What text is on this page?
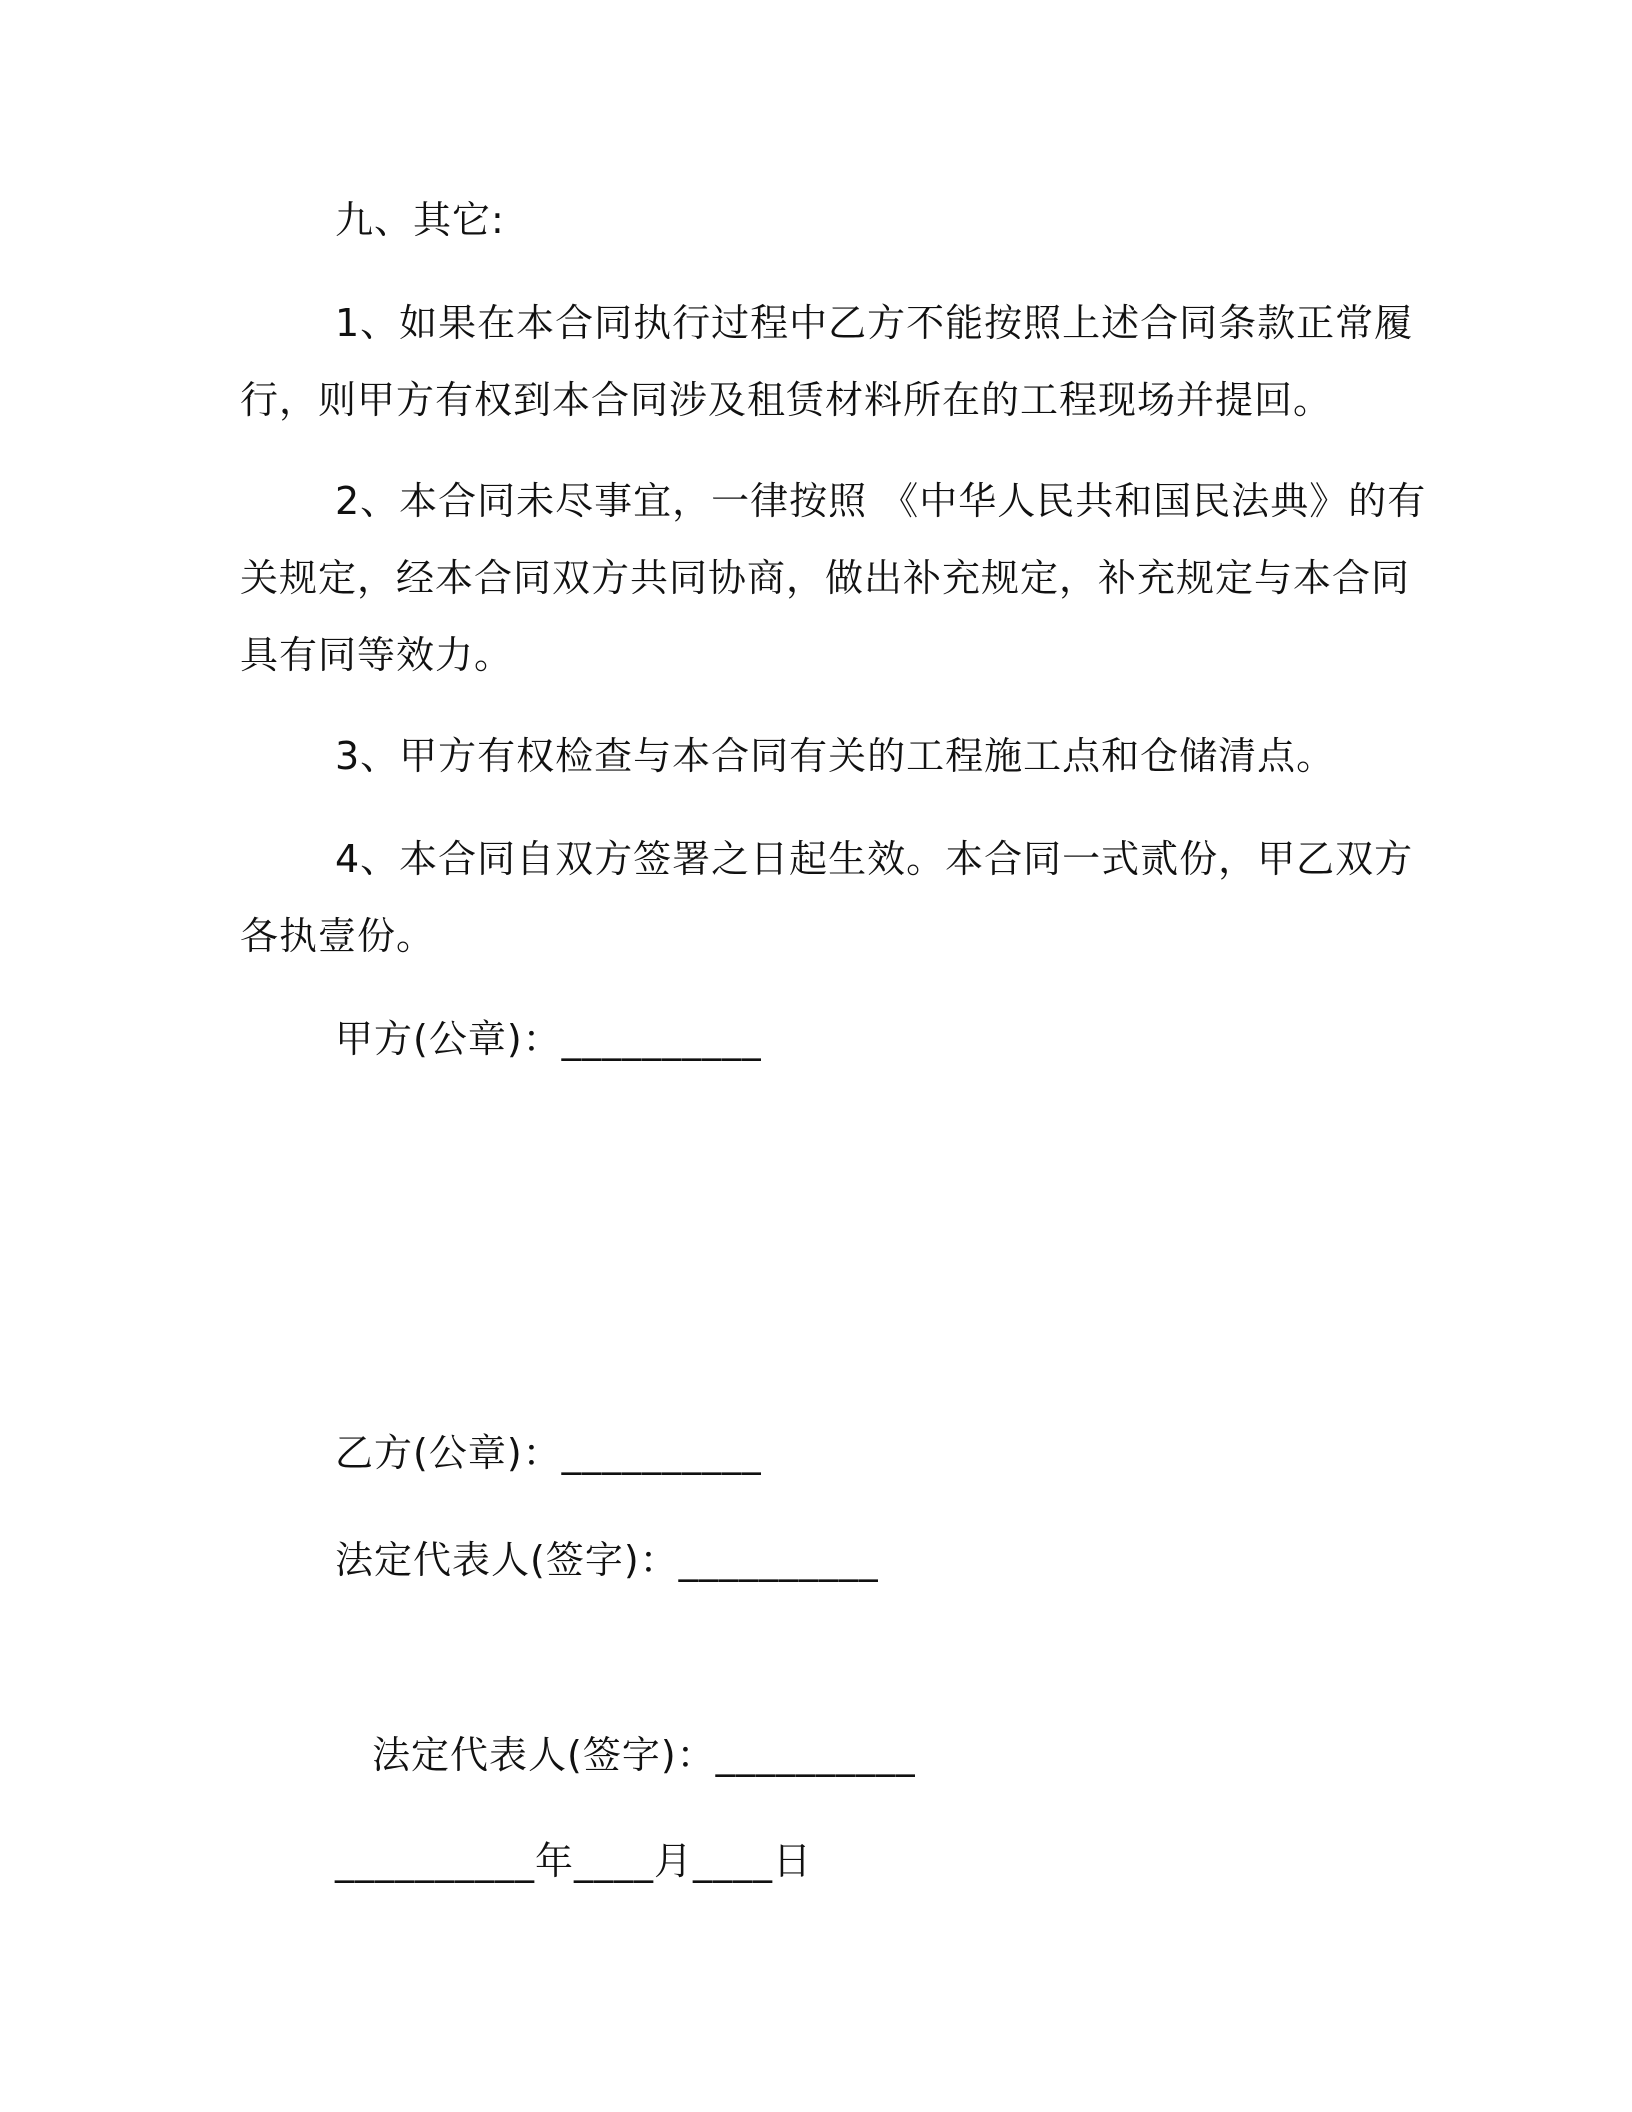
九、其它:
1、如果在本合同执行过程中乙方不能按照上述合同条款正常履
行，则甲方有权到本合同涉及租赁材料所在的工程现场并提回。
2、本合同未尽事宜，一律按照 《中华人民共和国民法典》的有
关规定，经本合同双方共同协商，做出补充规定，补充规定与本合同
具有同等效力。
3、甲方有权检查与本合同有关的工程施工点和仓储清点。
4、本合同自双方签署之日起生效。本合同一式贰份，甲乙双方
各执壹份。
甲方(公章)：__________
乙方(公章)：__________
法定代表人(签字)：__________
法定代表人(签字)：__________
__________年____月____日
